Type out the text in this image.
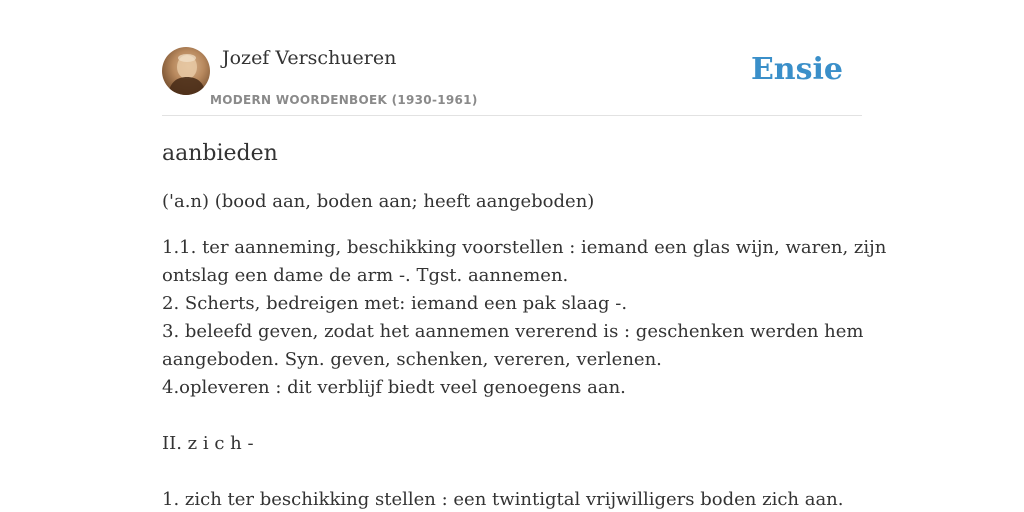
Jozef Verschueren
MODERN WOORDENBOEK (1930-1961)
Ensie
aanbieden
('a.n) (bood aan, boden aan; heeft aangeboden)
1.1. ter aanneming, beschikking voorstellen : iemand een glas wijn, waren, zijn
ontslag een dame de arm -. Tgst. aannemen.
2. Scherts, bedreigen met: iemand een pak slaag -.
3. beleefd geven, zodat het aannemen vererend is : geschenken werden hem
aangeboden. Syn. geven, schenken, vereren, verlenen.
4.opleveren : dit verblijf biedt veel genoegens aan.
II. z i c h -
1. zich ter beschikking stellen : een twintigtal vrijwilligers boden zich aan.
